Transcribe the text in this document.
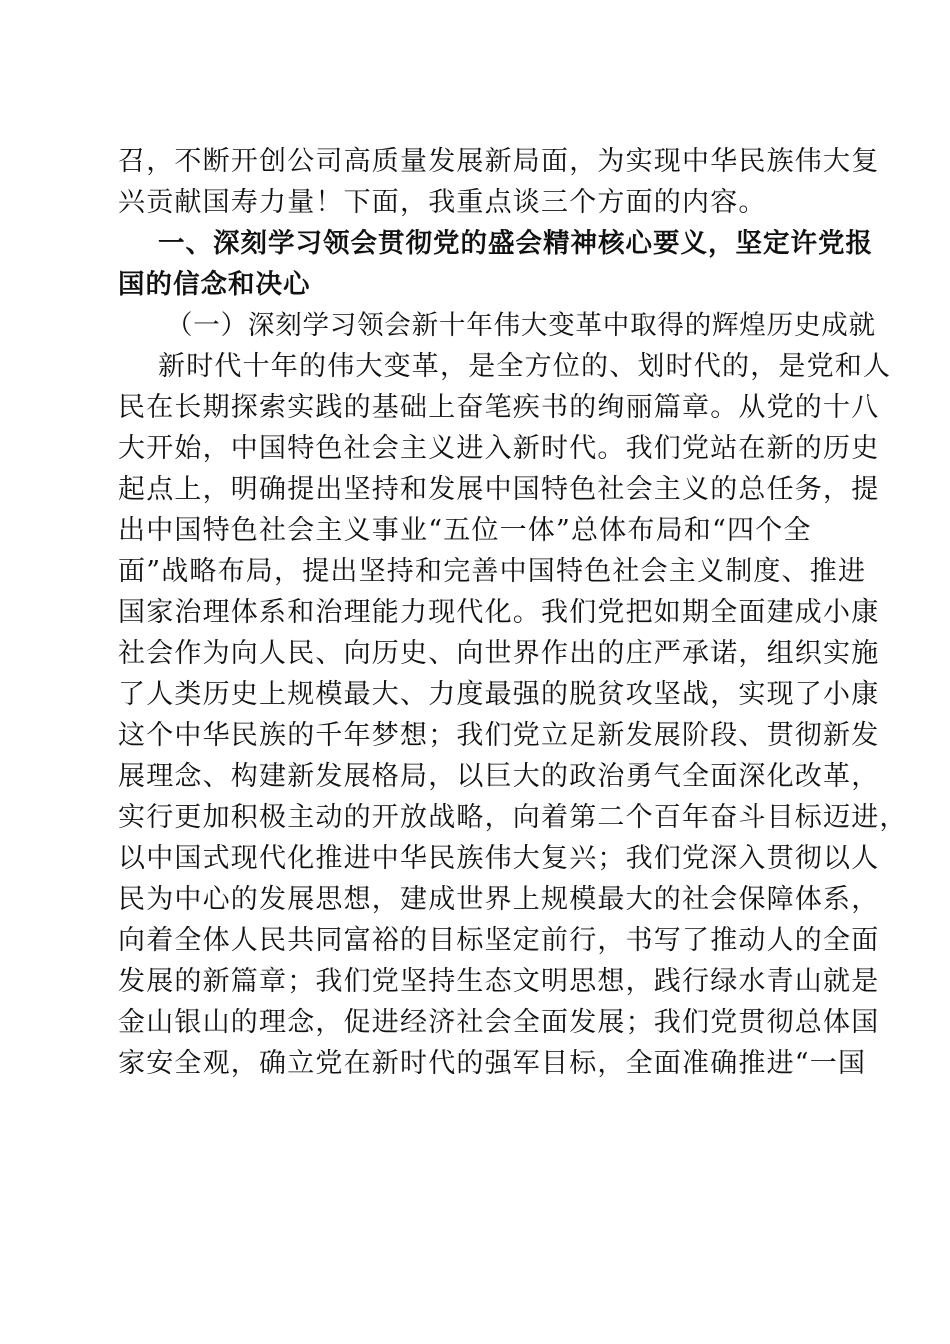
召，不断开创公司高质量发展新局面，为实现中华民族伟大复
兴贡献国寿力量！下面，我重点谈三个方面的内容。
一、深刻学习领会贯彻党的盛会精神核心要义，坚定许党报
国的信念和决心
（一）深刻学习领会新十年伟大变革中取得的辉煌历史成就
新时代十年的伟大变革，是全方位的、划时代的，是党和人
民在长期探索实践的基础上奋笔疾书的绚丽篇章。从党的十八
大开始，中国特色社会主义进入新时代。我们党站在新的历史
起点上，明确提出坚持和发展中国特色社会主义的总任务，提
出中国特色社会主义事业“五位一体”总体布局和“四个全
面”战略布局，提出坚持和完善中国特色社会主义制度、推进
国家治理体系和治理能力现代化。我们党把如期全面建成小康
社会作为向人民、向历史、向世界作出的庄严承诺，组织实施
了人类历史上规模最大、力度最强的脱贫攻坚战，实现了小康
这个中华民族的千年梦想；我们党立足新发展阶段、贯彻新发
展理念、构建新发展格局，以巨大的政治勇气全面深化改革，
实行更加积极主动的开放战略，向着第二个百年奋斗目标迈进，
以中国式现代化推进中华民族伟大复兴；我们党深入贯彻以人
民为中心的发展思想，建成世界上规模最大的社会保障体系，
向着全体人民共同富裕的目标坚定前行，书写了推动人的全面
发展的新篇章；我们党坚持生态文明思想，践行绿水青山就是
金山银山的理念，促进经济社会全面发展；我们党贯彻总体国
家安全观，确立党在新时代的强军目标，全面准确推进“一国
